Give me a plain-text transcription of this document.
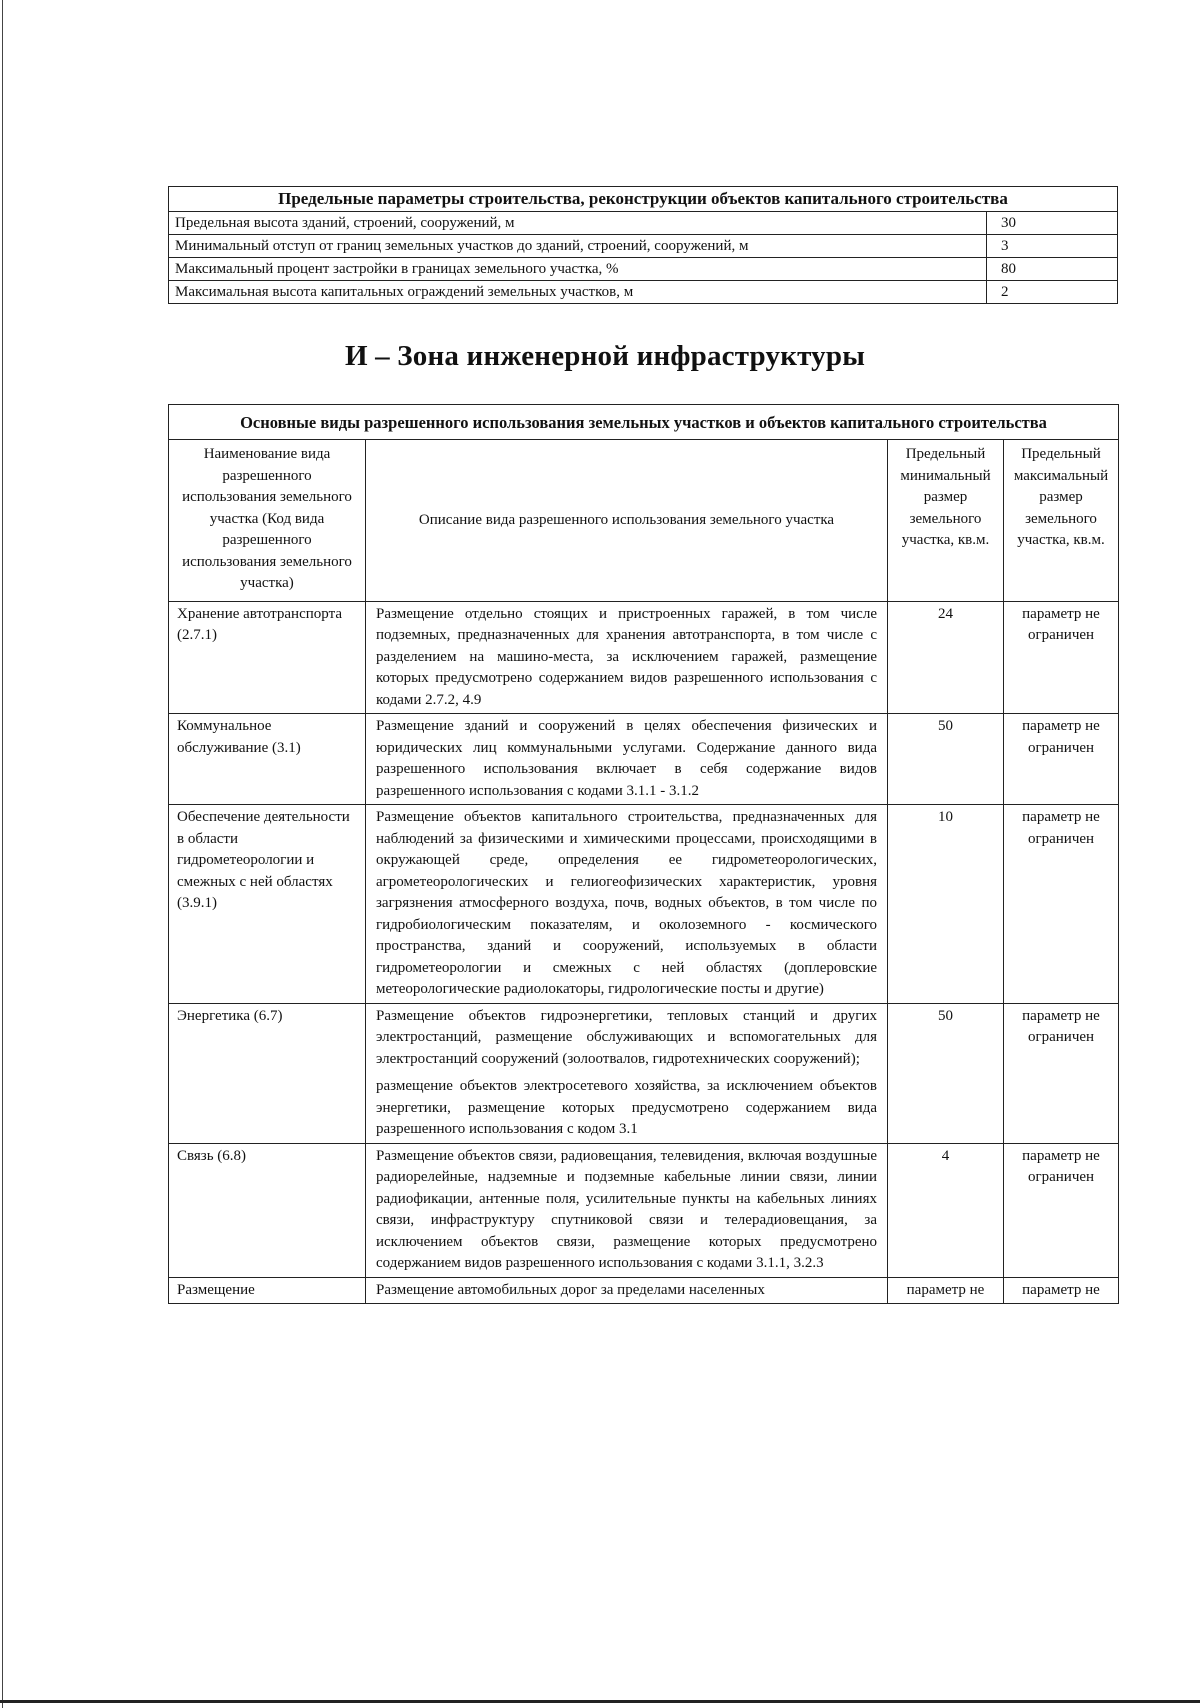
Предельные параметры строительства, реконструкции объектов капитального строительства	
Предельная высота зданий, строений, сооружений, м	30
Минимальный отступ от границ земельных участков до зданий, строений, сооружений, м	3
Максимальный процент застройки в границах земельного участка, %	80
Максимальная высота капитальных ограждений земельных участков, м	2
И – Зона инженерной инфраструктуры
Основные виды разрешенного использования земельных участков и объектов капитального строительства			
Наименование вида разрешенного использования земельного участка (Код вида разрешенного использования земельного участка)	Описание вида разрешенного использования земельного участка	Предельный минимальный размер земельного участка, кв.м.	Предельный максимальный размер земельного участка, кв.м.
Хранение автотранспорта (2.7.1)	Размещение отдельно стоящих и пристроенных гаражей, в том числе подземных, предназначенных для хранения автотранспорта, в том числе с разделением на машино-места, за исключением гаражей, размещение которых предусмотрено содержанием видов разрешенного использования с кодами 2.7.2, 4.9	24	параметр не ограничен
Коммунальное обслуживание (3.1)	Размещение зданий и сооружений в целях обеспечения физических и юридических лиц коммунальными услугами. Содержание данного вида разрешенного использования включает в себя содержание видов разрешенного использования с кодами 3.1.1 - 3.1.2	50	параметр не ограничен
Обеспечение деятельности в области гидрометеорологии и смежных с ней областях (3.9.1)	Размещение объектов капитального строительства, предназначенных для наблюдений за физическими и химическими процессами, происходящими в окружающей среде, определения ее гидрометеорологических, агрометеорологических и гелиогеофизических характеристик, уровня загрязнения атмосферного воздуха, почв, водных объектов, в том числе по гидробиологическим показателям, и околоземного - космического пространства, зданий и сооружений, используемых в области гидрометеорологии и смежных с ней областях (доплеровские метеорологические радиолокаторы, гидрологические посты и другие)	10	параметр не ограничен
Энергетика (6.7)	Размещение объектов гидроэнергетики, тепловых станций и других электростанций, размещение обслуживающих и вспомогательных для электростанций сооружений (золоотвалов, гидротехнических сооружений);

размещение объектов электросетевого хозяйства, за исключением объектов энергетики, размещение которых предусмотрено содержанием вида разрешенного использования с кодом 3.1	50	параметр не ограничен
Связь (6.8)	Размещение объектов связи, радиовещания, телевидения, включая воздушные радиорелейные, надземные и подземные кабельные линии связи, линии радиофикации, антенные поля, усилительные пункты на кабельных линиях связи, инфраструктуру спутниковой связи и телерадиовещания, за исключением объектов связи, размещение которых предусмотрено содержанием видов разрешенного использования с кодами 3.1.1, 3.2.3	4	параметр не ограничен
Размещение	Размещение автомобильных дорог за пределами населенных	параметр не	параметр не
